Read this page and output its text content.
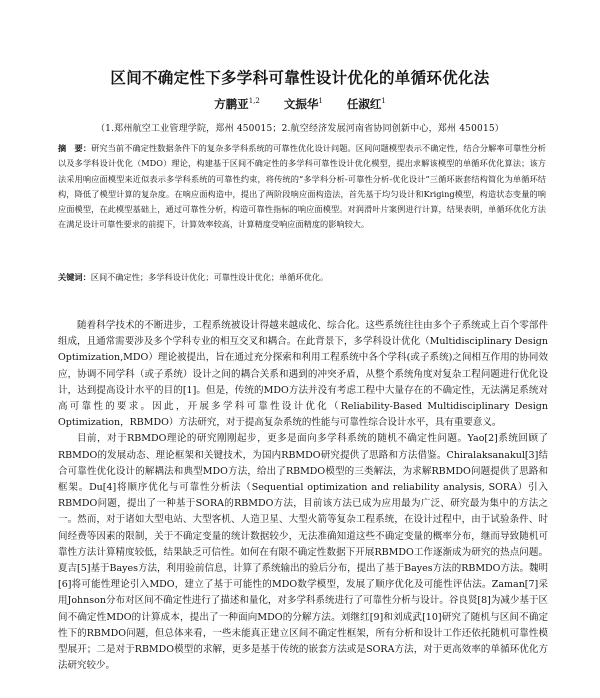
区间不确定性下多学科可靠性设计优化的单循环优化法
方鹏亚$^{1,2}$ 文振华$^1$ 任淑红$^1$
（1.郑州航空工业管理学院，郑州 450015；2.航空经济发展河南省协同创新中心，郑州 450015）
摘　要：研究当前不确定性数据条件下的复杂多学科系统的可靠性优化设计问题。区间问题模型表示不确定性，结合分解率可靠性分析以及多学科设计优化（MDO）理论，构建基于区间不确定性的多学科可靠性设计优化模型，提出求解该模型的单循环优化算法；该方法采用响应面模型来近似表示多学科系统的可靠性约束，将传统的“多学科分析-可靠性分析-优化设计”三循环嵌套结构简化为单循环结构，降低了模型计算的复杂度。在响应面构造中，提出了两阶段响应面构造法，首先基于均匀设计和Kriging模型，构造状态变量的响应面模型，在此模型基础上，通过可靠性分析，构造可靠性指标的响应面模型。对润滑叶片案例进行计算，结果表明，单循环优化方法在满足设计可靠性要求的前提下，计算效率较高，计算精度受响应面精度的影响较大。
关键词：区间不确定性；多学科设计优化；可靠性设计优化；单循环优化。

随着科学技术的不断进步，工程系统被设计得越来越成化、综合化。这些系统往往由多个子系统或上百个零部件组成，且通常需要涉及多个学科专业的相互交叉和耦合。在此背景下，多学科设计优化（Multidisciplinary Design Optimization,MDO）理论被提出，旨在通过充分探索和利用工程系统中各个学科(或子系统)之间相互作用的协同效应，协调不同学科（或子系统）设计之间的耦合关系和遇到的冲突矛盾，从整个系统角度对复杂工程问题进行优化设计，达到提高设计水平的目的[1]。但是，传统的MDO方法并没有考虑工程中大量存在的不确定性，无法满足系统对高可靠性的要求。因此，开展多学科可靠性设计优化（Reliability-Based Multidisciplinary Design Optimization，RBMDO）方法研究，对于提高复杂系统的性能与可靠性综合设计水平，具有重要意义。

目前，对于RBMDO理论的研究刚刚起步，更多是面向多学科系统的随机不确定性问题。Yao[2]系统回顾了RBMDO的发展动态、理论框架和关键技术，为国内RBMDO研究提供了思路和方法借鉴。Chiralaksanakul[3]结合可靠性优化设计的解耦法和典型MDO方法，给出了RBMDO模型的三类解法，为求解RBMDO问题提供了思路和框架。Du[4]将顺序优化与可靠性分析法（Sequential optimization and reliability analysis, SORA）引入RBMDO问题，提出了一种基于SORA的RBMDO方法，目前该方法已成为应用最为广泛、研究最为集中的方法之一。然而，对于诸如大型电站、大型客机、人造卫星、大型火箭等复杂工程系统，在设计过程中，由于试验条件、时间经费等因素的限制，关于不确定变量的统计数据较少，无法准确知道这些不确定变量的概率分布，继而导致随机可靠性方法计算精度较低，结果缺乏可信性。如何在有限不确定性数据下开展RBMDO工作逐渐成为研究的热点问题。夏吉[5]基于Bayes方法，利用验前信息，计算了系统输出的验后分布，提出了基于Bayes方法的RBMDO方法。魏明[6]将可能性理论引入MDO，建立了基于可能性的MDO数学模型，发展了顺序优化及可能性评估法。Zaman[7]采用Johnson分布对区间不确定性进行了描述和量化，对多学科系统进行了可靠性分析与设计。谷良贤[8]为减少基于区间不确定性MDO的计算成本，提出了一种面向MDO的分解方法。刘继红[9]和刘成武[10]研究了随机与区间不确定性下的RBMDO问题，但总体来看，一些未能真正建立区间不确定性框架，所有分析和设计工作还依托随机可靠性模型展开；二是对于RBMDO模型的求解，更多是基于传统的嵌套方法或是SORA方法，对于更高效率的单循环优化方法研究较少。
